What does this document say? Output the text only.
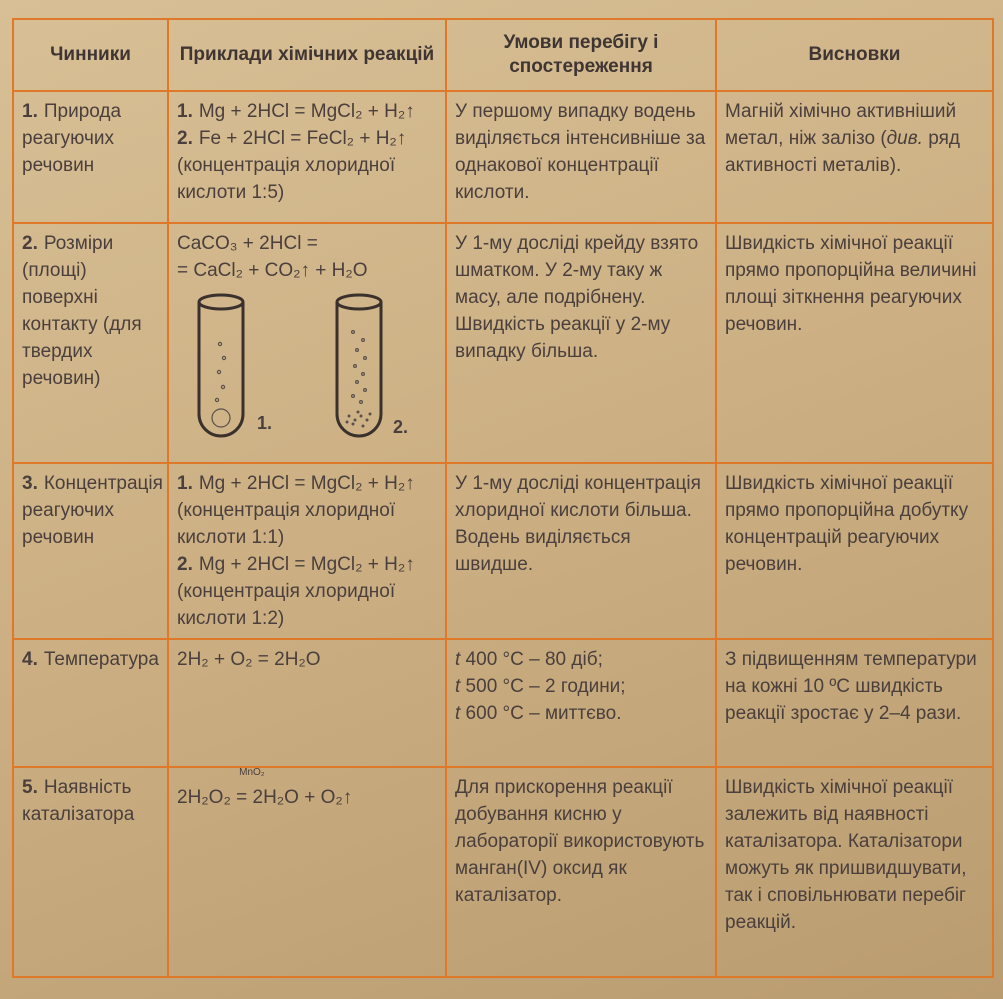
Чинники	Приклади хімічних реакцій	Умови перебігу і спостереження	Висновки
1. Природа реагуючих речовин	1. Mg + 2HCl = MgCl₂ + H₂↑
2. Fe + 2HCl = FeCl₂ + H₂↑
(концентрація хлоридної кислоти 1:5)	У першому випадку водень виділяється інтенсивніше за однакової концентрації кислоти.	Магній хімічно активніший метал, ніж залізо (див. ряд активності металів).
2. Розміри (площі) поверхні контакту (для твердих речовин)	CaCO₃ + 2HCl =
= CaCl₂ + CO₂↑ + H₂O
1. 2.	У 1-му досліді крейду взято шматком. У 2-му таку ж масу, але подрібнену. Швидкість реакції у 2-му випадку більша.	Швидкість хімічної реакції прямо пропорційна величині площі зіткнення реагуючих речовин.
3. Концентрація реагуючих речовин	1. Mg + 2HCl = MgCl₂ + H₂↑
(концентрація хлоридної кислоти 1:1)
2. Mg + 2HCl = MgCl₂ + H₂↑
(концентрація хлоридної кислоти 1:2)	У 1-му досліді концентрація хлоридної кислоти більша. Водень виділяється швидше.	Швидкість хімічної реакції прямо пропорційна добутку концентрацій реагуючих речовин.
4. Температура	2H₂ + O₂ = 2H₂O	t 400 °C – 80 діб;
t 500 °C – 2 години;
t 600 °C – миттєво.	З підвищенням температури на кожні 10 ºС швидкість реакції зростає у 2–4 рази.
5. Наявність каталізатора	2H₂O₂
MnO₂
= 2H₂O + O₂↑	Для прискорення реакції добування кисню у лабораторії використовують манган(IV) оксид як каталізатор.	Швидкість хімічної реакції залежить від наявності каталізатора. Каталізатори можуть як пришвидшувати, так і сповільнювати перебіг реакцій.
